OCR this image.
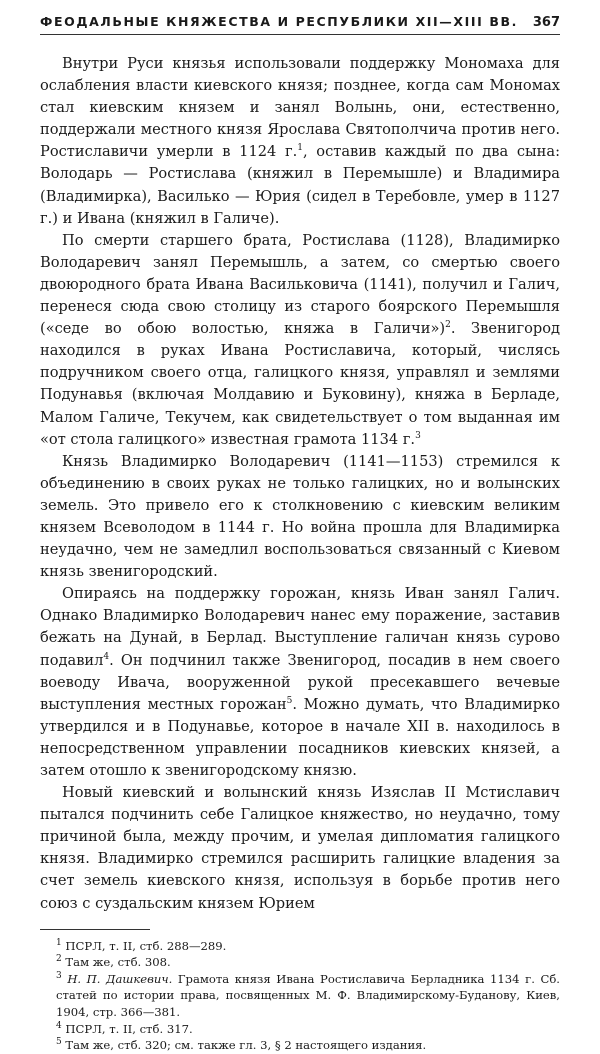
ФЕОДАЛЬНЫЕ КНЯЖЕСТВА И РЕСПУБЛИКИ XII—XIII ВВ. 367

Внутри Руси князья использовали поддержку Мономаха для ослабления власти киевского князя; позднее, когда сам Мономах стал киевским князем и занял Волынь, они, естественно, поддержали местного князя Ярослава Святополчича против него. Ростиславичи умерли в 1124 г.$^1$, оставив каждый по два сына: Володарь — Ростислава (княжил в Перемышле) и Владимира (Владимирка), Василько — Юрия (сидел в Теребовле, умер в 1127 г.) и Ивана (княжил в Галиче).

По смерти старшего брата, Ростислава (1128), Владимирко Володаревич занял Перемышль, а затем, со смертью своего двоюродного брата Ивана Васильковича (1141), получил и Галич, перенеся сюда свою столицу из старого боярского Перемышля («седе во обою волостью, княжа в Галичи»)$^2$. Звенигород находился в руках Ивана Ростиславича, который, числясь подручником своего отца, галицкого князя, управлял и землями Подунавья (включая Молдавию и Буковину), княжа в Берладе, Малом Галиче, Текучем, как свидетельствует о том выданная им «от стола галицкого» известная грамота 1134 г.$^3$

Князь Владимирко Володаревич (1141—1153) стремился к объединению в своих руках не только галицких, но и волынских земель. Это привело его к столкновению с киевским великим князем Всеволодом в 1144 г. Но война прошла для Владимирка неудачно, чем не замедлил воспользоваться связанный с Киевом князь звенигородский.

Опираясь на поддержку горожан, князь Иван занял Галич. Однако Владимирко Володаревич нанес ему поражение, заставив бежать на Дунай, в Берлад. Выступление галичан князь сурово подавил$^4$. Он подчинил также Звенигород, посадив в нем своего воеводу Ивача, вооруженной рукой пресекавшего вечевые выступления местных горожан$^5$. Можно думать, что Владимирко утвердился и в Подунавье, которое в начале XII в. находилось в непосредственном управлении посадников киевских князей, а затем отошло к звенигородскому князю.

Новый киевский и волынский князь Изяслав II Мстиславич пытался подчинить себе Галицкое княжество, но неудачно, тому причиной была, между прочим, и умелая дипломатия галицкого князя. Владимирко стремился расширить галицкие владения за счет земель киевского князя, используя в борьбе против него союз с суздальским князем Юрием

$^1$ ПСРЛ, т. II, стб. 288—289.

$^2$ Там же, стб. 308.

$^3$ Н. П. Дашкевич. Грамота князя Ивана Ростиславича Берладника 1134 г. Сб. статей по истории права, посвященных М. Ф. Владимирскому-Буданову, Киев, 1904, стр. 366—381.

$^4$ ПСРЛ, т. II, стб. 317.

$^5$ Там же, стб. 320; см. также гл. 3, § 2 настоящего издания.
